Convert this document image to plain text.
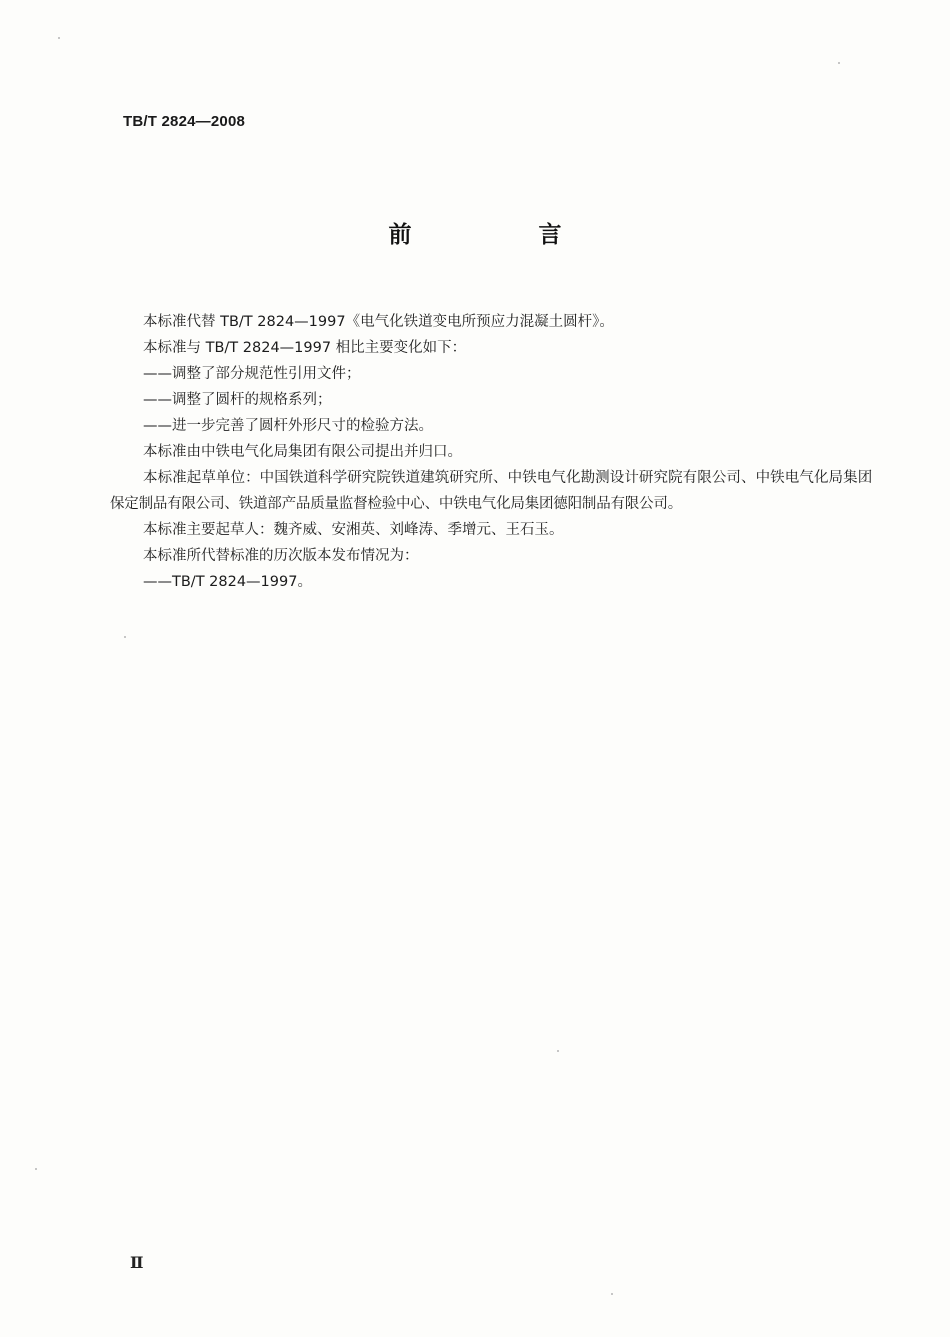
TB/T 2824—2008
前　言

本标准代替 TB/T 2824—1997《电气化铁道变电所预应力混凝土圆杆》。

本标准与 TB/T 2824—1997 相比主要变化如下：

——调整了部分规范性引用文件；

——调整了圆杆的规格系列；

——进一步完善了圆杆外形尺寸的检验方法。

本标准由中铁电气化局集团有限公司提出并归口。

本标准起草单位：中国铁道科学研究院铁道建筑研究所、中铁电气化勘测设计研究院有限公司、中铁电气化局集团保定制品有限公司、铁道部产品质量监督检验中心、中铁电气化局集团德阳制品有限公司。

本标准主要起草人：魏齐威、安湘英、刘峰涛、季增元、王石玉。

本标准所代替标准的历次版本发布情况为：

——TB/T 2824—1997。

Ⅱ
